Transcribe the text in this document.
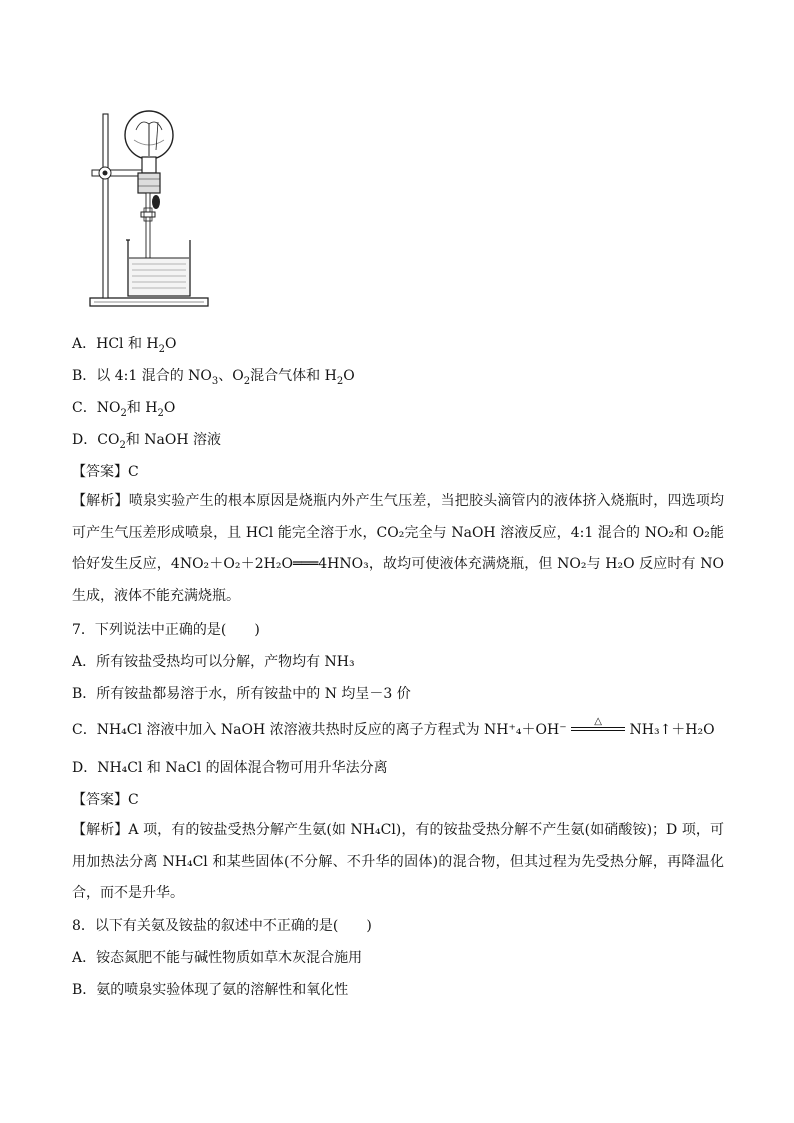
A．HCl 和 $H_2O$
B．以 4:1 混合的 $NO_3$、$O_2$混合气体和 $H_2O$
C．$NO_2$和 $H_2O$
D．$CO_2$和 NaOH 溶液
【答案】C
【解析】喷泉实验产生的根本原因是烧瓶内外产生气压差，当把胶头滴管内的液体挤入烧瓶时，四选项均可产生气压差形成喷泉，且 HCl 能完全溶于水，CO₂完全与 NaOH 溶液反应，4:1 混合的 NO₂和 O₂能恰好发生反应，4NO₂＋O₂＋2H₂O═══4HNO₃，故均可使液体充满烧瓶，但 NO₂与 H₂O 反应时有 NO 生成，液体不能充满烧瓶。
7．下列说法中正确的是(　　)
A．所有铵盐受热均可以分解，产物均有 NH₃
B．所有铵盐都易溶于水，所有铵盐中的 N 均呈－3 价
C．NH₄Cl 溶液中加入 NaOH 浓溶液共热时反应的离子方程式为 NH⁺₄＋OH⁻
△
NH₃↑＋H₂O
D．NH₄Cl 和 NaCl 的固体混合物可用升华法分离
【答案】C
【解析】A 项，有的铵盐受热分解产生氨(如 NH₄Cl)，有的铵盐受热分解不产生氨(如硝酸铵)；D 项，可用加热法分离 NH₄Cl 和某些固体(不分解、不升华的固体)的混合物，但其过程为先受热分解，再降温化合，而不是升华。
8．以下有关氨及铵盐的叙述中不正确的是(　　)
A．铵态氮肥不能与碱性物质如草木灰混合施用
B．氨的喷泉实验体现了氨的溶解性和氧化性
